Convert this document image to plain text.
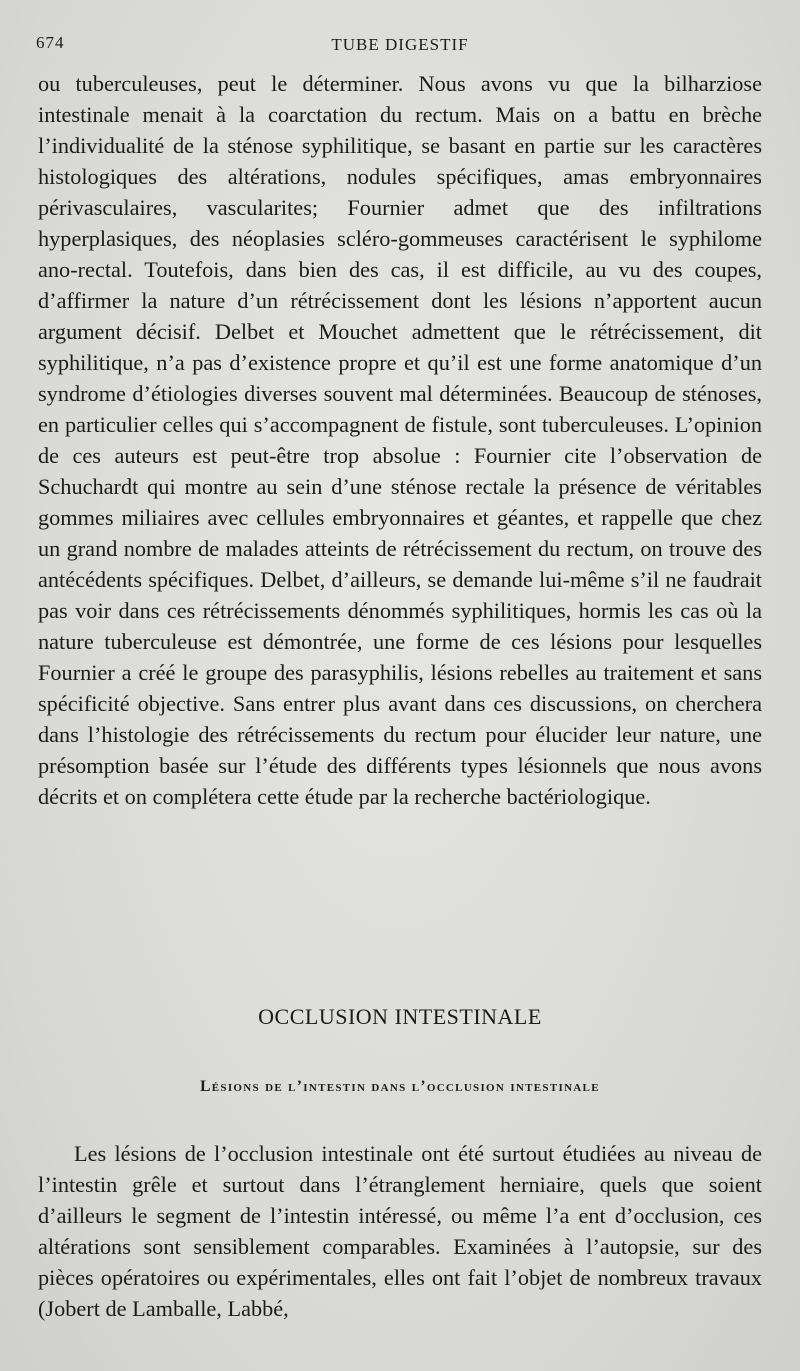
674	TUBE DIGESTIF

ou tuberculeuses, peut le déterminer. Nous avons vu que la bilharziose intestinale menait à la coarctation du rectum. Mais on a battu en brèche l’individualité de la sténose syphilitique, se basant en partie sur les caractères histologiques des altérations, nodules spécifiques, amas embryonnaires périvasculaires, vascularites; Fournier admet que des infiltrations hyperplasiques, des néoplasies scléro-gommeuses caractérisent le syphilome ano-rectal. Toutefois, dans bien des cas, il est difficile, au vu des coupes, d’affirmer la nature d’un rétrécissement dont les lésions n’apportent aucun argument décisif. Delbet et Mouchet admettent que le rétrécissement, dit syphilitique, n’a pas d’existence propre et qu’il est une forme anatomique d’un syndrome d’étiologies diverses souvent mal déterminées. Beaucoup de sténoses, en particulier celles qui s’accompagnent de fistule, sont tuberculeuses. L’opinion de ces auteurs est peut-être trop absolue : Fournier cite l’observation de Schuchardt qui montre au sein d’une sténose rectale la présence de véritables gommes miliaires avec cellules embryonnaires et géantes, et rappelle que chez un grand nombre de malades atteints de rétrécissement du rectum, on trouve des antécédents spécifiques. Delbet, d’ailleurs, se demande lui-même s’il ne faudrait pas voir dans ces rétrécissements dénommés syphilitiques, hormis les cas où la nature tuberculeuse est démontrée, une forme de ces lésions pour lesquelles Fournier a créé le groupe des parasyphilis, lésions rebelles au traitement et sans spécificité objective. Sans entrer plus avant dans ces discussions, on cherchera dans l’histologie des rétrécissements du rectum pour élucider leur nature, une présomption basée sur l’étude des différents types lésionnels que nous avons décrits et on complétera cette étude par la recherche bactériologique.

OCCLUSION INTESTINALE
Lésions de l’intestin dans l’occlusion intestinale

Les lésions de l’occlusion intestinale ont été surtout étudiées au niveau de l’intestin grêle et surtout dans l’étranglement herniaire, quels que soient d’ailleurs le segment de l’intestin intéressé, ou même l’a ent d’occlusion, ces altérations sont sensiblement comparables. Examinées à l’autopsie, sur des pièces opératoires ou expérimentales, elles ont fait l’objet de nombreux travaux (Jobert de Lamballe, Labbé,
